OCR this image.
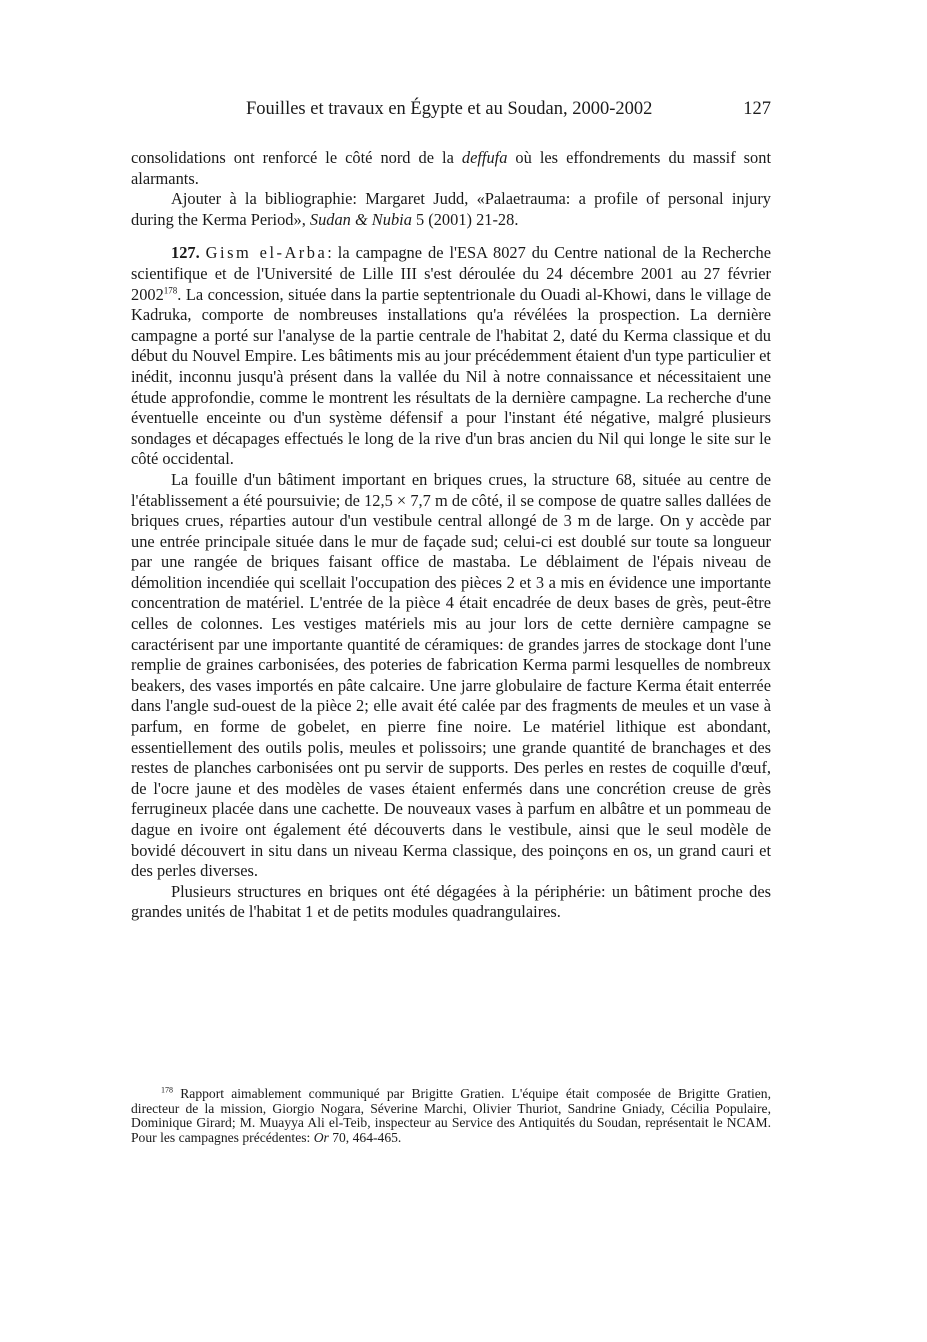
Fouilles et travaux en Égypte et au Soudan, 2000-2002	127

consolidations ont renforcé le côté nord de la deffufa où les effondrements du massif sont alarmants.

Ajouter à la bibliographie: Margaret Judd, «Palaetrauma: a profile of personal injury during the Kerma Period», Sudan & Nubia 5 (2001) 21-28.

127. Gism el-Arba: la campagne de l'ESA 8027 du Centre national de la Recherche scientifique et de l'Université de Lille III s'est déroulée du 24 décembre 2001 au 27 février 2002$^{178}$. La concession, située dans la partie septentrionale du Ouadi al-Khowi, dans le village de Kadruka, comporte de nombreuses installations qu'a révélées la prospection. La dernière campagne a porté sur l'analyse de la partie centrale de l'habitat 2, daté du Kerma classique et du début du Nouvel Empire. Les bâtiments mis au jour précédemment étaient d'un type particulier et inédit, inconnu jusqu'à présent dans la vallée du Nil à notre connaissance et nécessitaient une étude approfondie, comme le montrent les résultats de la dernière campagne. La recherche d'une éventuelle enceinte ou d'un système défensif a pour l'instant été négative, malgré plusieurs sondages et décapages effectués le long de la rive d'un bras ancien du Nil qui longe le site sur le côté occidental.

La fouille d'un bâtiment important en briques crues, la structure 68, située au centre de l'établissement a été poursuivie; de 12,5 × 7,7 m de côté, il se compose de quatre salles dallées de briques crues, réparties autour d'un vestibule central allongé de 3 m de large. On y accède par une entrée principale située dans le mur de façade sud; celui-ci est doublé sur toute sa longueur par une rangée de briques faisant office de mastaba. Le déblaiment de l'épais niveau de démolition incendiée qui scellait l'occupation des pièces 2 et 3 a mis en évidence une importante concentration de matériel. L'entrée de la pièce 4 était encadrée de deux bases de grès, peut-être celles de colonnes. Les vestiges matériels mis au jour lors de cette dernière campagne se caractérisent par une importante quantité de céramiques: de grandes jarres de stockage dont l'une remplie de graines carbonisées, des poteries de fabrication Kerma parmi lesquelles de nombreux beakers, des vases importés en pâte calcaire. Une jarre globulaire de facture Kerma était enterrée dans l'angle sud-ouest de la pièce 2; elle avait été calée par des fragments de meules et un vase à parfum, en forme de gobelet, en pierre fine noire. Le matériel lithique est abondant, essentiellement des outils polis, meules et polissoirs; une grande quantité de branchages et des restes de planches carbonisées ont pu servir de supports. Des perles en restes de coquille d'œuf, de l'ocre jaune et des modèles de vases étaient enfermés dans une concrétion creuse de grès ferrugineux placée dans une cachette. De nouveaux vases à parfum en albâtre et un pommeau de dague en ivoire ont également été découverts dans le vestibule, ainsi que le seul modèle de bovidé découvert in situ dans un niveau Kerma classique, des poinçons en os, un grand cauri et des perles diverses.

Plusieurs structures en briques ont été dégagées à la périphérie: un bâtiment proche des grandes unités de l'habitat 1 et de petits modules quadrangulaires.

$^{178}$ Rapport aimablement communiqué par Brigitte Gratien. L'équipe était composée de Brigitte Gratien, directeur de la mission, Giorgio Nogara, Séverine Marchi, Olivier Thuriot, Sandrine Gniady, Cécilia Populaire, Dominique Girard; M. Muayya Ali el-Teib, inspecteur au Service des Antiquités du Soudan, représentait le NCAM. Pour les campagnes précédentes: Or 70, 464-465.
